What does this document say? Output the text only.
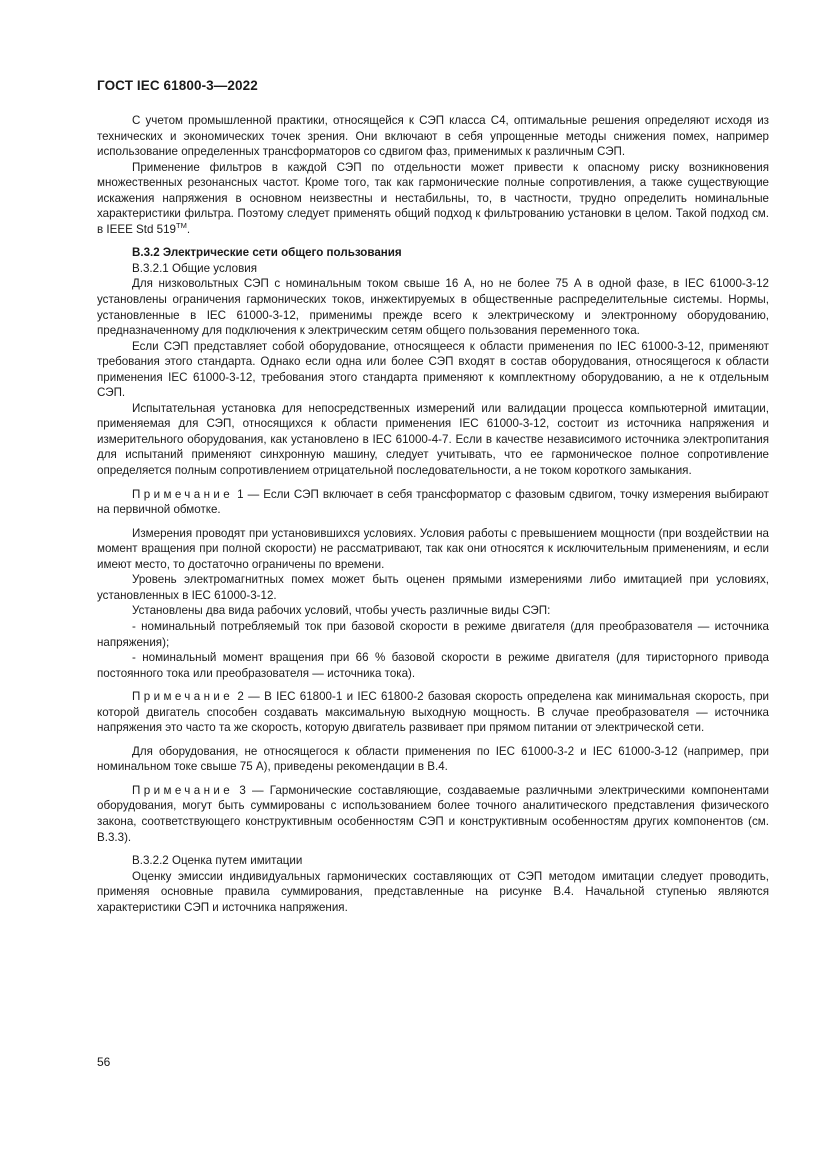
ГОСТ IEC 61800-3—2022

С учетом промышленной практики, относящейся к СЭП класса С4, оптимальные решения определяют исходя из технических и экономических точек зрения. Они включают в себя упрощенные методы снижения помех, например использование определенных трансформаторов со сдвигом фаз, применимых к различным СЭП.

Применение фильтров в каждой СЭП по отдельности может привести к опасному риску возникновения множественных резонансных частот. Кроме того, так как гармонические полные сопротивления, а также существующие искажения напряжения в основном неизвестны и нестабильны, то, в частности, трудно определить номинальные характеристики фильтра. Поэтому следует применять общий подход к фильтрованию установки в целом. Такой подход см. в IEEE Std 519™.

В.3.2 Электрические сети общего пользования

В.3.2.1 Общие условия

Для низковольтных СЭП с номинальным током свыше 16 А, но не более 75 А в одной фазе, в IEC 61000-3-12 установлены ограничения гармонических токов, инжектируемых в общественные распределительные системы. Нормы, установленные в IEC 61000-3-12, применимы прежде всего к электрическому и электронному оборудованию, предназначенному для подключения к электрическим сетям общего пользования переменного тока.

Если СЭП представляет собой оборудование, относящееся к области применения по IEC 61000-3-12, применяют требования этого стандарта. Однако если одна или более СЭП входят в состав оборудования, относящегося к области применения IEC 61000-3-12, требования этого стандарта применяют к комплектному оборудованию, а не к отдельным СЭП.

Испытательная установка для непосредственных измерений или валидации процесса компьютерной имитации, применяемая для СЭП, относящихся к области применения IEC 61000-3-12, состоит из источника напряжения и измерительного оборудования, как установлено в IEC 61000-4-7. Если в качестве независимого источника электропитания для испытаний применяют синхронную машину, следует учитывать, что ее гармоническое полное сопротивление определяется полным сопротивлением отрицательной последовательности, а не током короткого замыкания.

Примечание 1 — Если СЭП включает в себя трансформатор с фазовым сдвигом, точку измерения выбирают на первичной обмотке.

Измерения проводят при установившихся условиях. Условия работы с превышением мощности (при воздействии на момент вращения при полной скорости) не рассматривают, так как они относятся к исключительным применениям, и если имеют место, то достаточно ограничены по времени.

Уровень электромагнитных помех может быть оценен прямыми измерениями либо имитацией при условиях, установленных в IEC 61000-3-12.

Установлены два вида рабочих условий, чтобы учесть различные виды СЭП:

- номинальный потребляемый ток при базовой скорости в режиме двигателя (для преобразователя — источника напряжения);

- номинальный момент вращения при 66 % базовой скорости в режиме двигателя (для тиристорного привода постоянного тока или преобразователя — источника тока).

Примечание 2 — В IEC 61800-1 и IEC 61800-2 базовая скорость определена как минимальная скорость, при которой двигатель способен создавать максимальную выходную мощность. В случае преобразователя — источника напряжения это часто та же скорость, которую двигатель развивает при прямом питании от электрической сети.

Для оборудования, не относящегося к области применения по IEC 61000-3-2 и IEC 61000-3-12 (например, при номинальном токе свыше 75 А), приведены рекомендации в В.4.

Примечание 3 — Гармонические составляющие, создаваемые различными электрическими компонентами оборудования, могут быть суммированы с использованием более точного аналитического представления физического закона, соответствующего конструктивным особенностям СЭП и конструктивным особенностям других компонентов (см. В.3.3).

В.3.2.2 Оценка путем имитации

Оценку эмиссии индивидуальных гармонических составляющих от СЭП методом имитации следует проводить, применяя основные правила суммирования, представленные на рисунке В.4. Начальной ступенью являются характеристики СЭП и источника напряжения.

56
